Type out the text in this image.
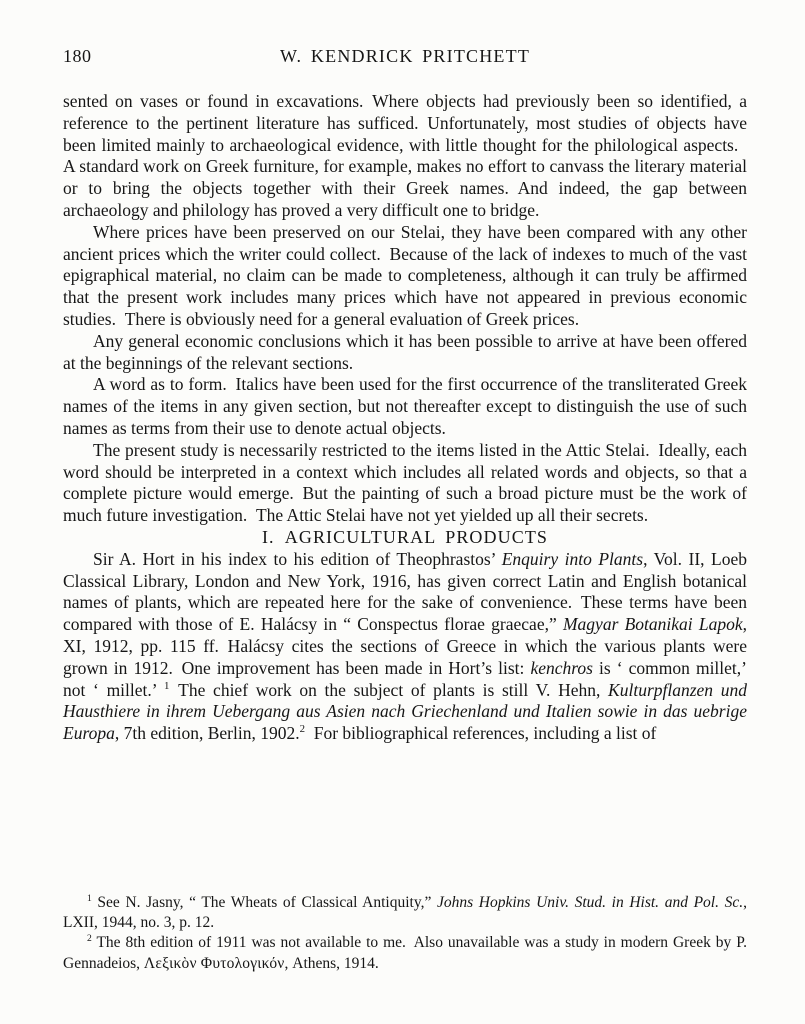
180	W. KENDRICK PRITCHETT

sented on vases or found in excavations. Where objects had previously been so identified, a reference to the pertinent literature has sufficed. Unfortunately, most studies of objects have been limited mainly to archaeological evidence, with little thought for the philological aspects. A standard work on Greek furniture, for example, makes no effort to canvass the literary material or to bring the objects together with their Greek names. And indeed, the gap between archaeology and philology has proved a very difficult one to bridge.

Where prices have been preserved on our Stelai, they have been compared with any other ancient prices which the writer could collect. Because of the lack of indexes to much of the vast epigraphical material, no claim can be made to completeness, although it can truly be affirmed that the present work includes many prices which have not appeared in previous economic studies. There is obviously need for a general evaluation of Greek prices.

Any general economic conclusions which it has been possible to arrive at have been offered at the beginnings of the relevant sections.

A word as to form. Italics have been used for the first occurrence of the transliterated Greek names of the items in any given section, but not thereafter except to distinguish the use of such names as terms from their use to denote actual objects.

The present study is necessarily restricted to the items listed in the Attic Stelai. Ideally, each word should be interpreted in a context which includes all related words and objects, so that a complete picture would emerge. But the painting of such a broad picture must be the work of much future investigation. The Attic Stelai have not yet yielded up all their secrets.

I. AGRICULTURAL PRODUCTS

Sir A. Hort in his index to his edition of Theophrastos’ Enquiry into Plants, Vol. II, Loeb Classical Library, London and New York, 1916, has given correct Latin and English botanical names of plants, which are repeated here for the sake of convenience. These terms have been compared with those of E. Halácsy in “ Conspectus florae graecae,” Magyar Botanikai Lapok, XI, 1912, pp. 115 ff. Halácsy cites the sections of Greece in which the various plants were grown in 1912. One improvement has been made in Hort’s list: kenchros is ‘ common millet,’ not ‘ millet.’ $^1$ The chief work on the subject of plants is still V. Hehn, Kulturpflanzen und Hausthiere in ihrem Uebergang aus Asien nach Griechenland und Italien sowie in das uebrige Europa, 7th edition, Berlin, 1902.$^2$ For bibliographical references, including a list of

$^1$ See N. Jasny, “ The Wheats of Classical Antiquity,” Johns Hopkins Univ. Stud. in Hist. and Pol. Sc., LXII, 1944, no. 3, p. 12.

$^2$ The 8th edition of 1911 was not available to me. Also unavailable was a study in modern Greek by P. Gennadeios, Λεξικὸν Φυτολογικόν, Athens, 1914.
